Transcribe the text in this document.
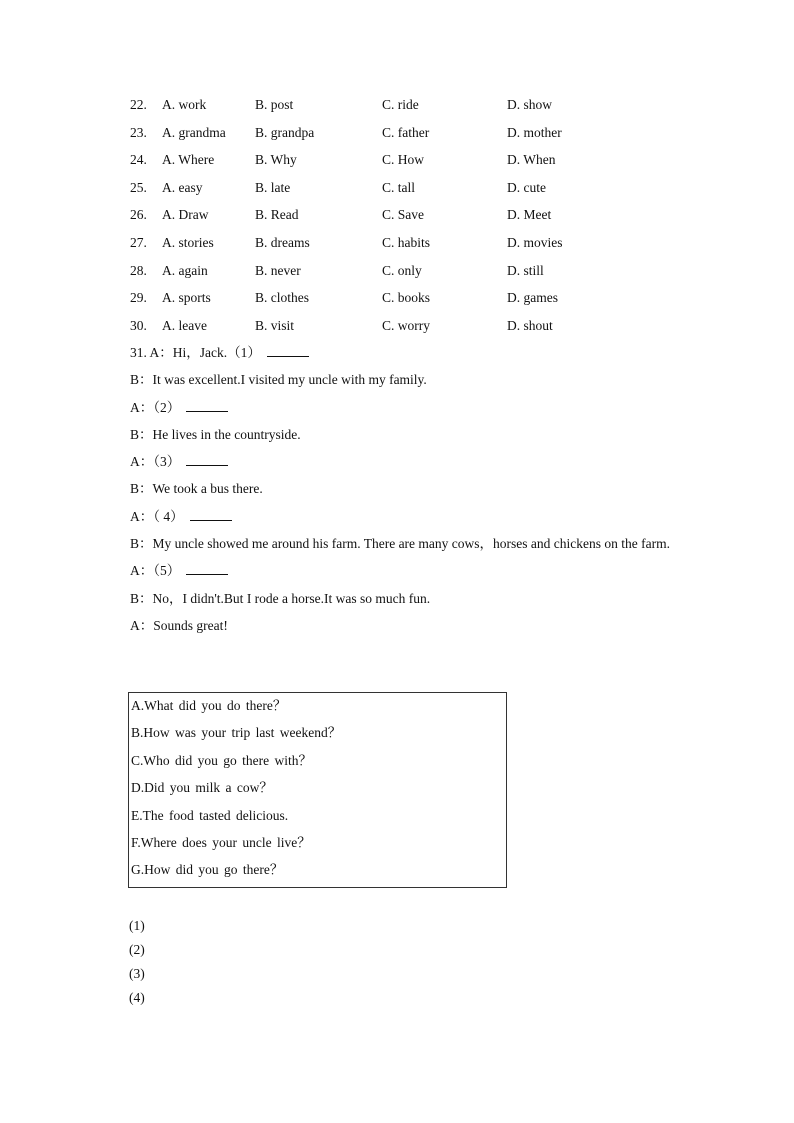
22. A. work	B. post	C. ride	D. show
23. A. grandma B. grandpa	C. father	D. mother
24. A. Where	B. Why	C. How	D. When
25. A. easy	B. late	C. tall	D. cute
26. A. Draw	B. Read	C. Save	D. Meet
27. A. stories	B. dreams	C. habits	D. movies
28. A. again	B. never	C. only	D. still
29. A. sports	B. clothes	C. books	D. games
30. A. leave	B. visit	C. worry	D. shout
31. A：Hi，Jack.（1）
B：It was excellent.I visited my uncle with my family.
A：（2）
B：He lives in the countryside.
A：（3）
B：We took a bus there.
A：（ 4）
B：My uncle showed me around his farm. There are many cows，horses and chickens on the farm.
A：（5）
B：No，I didn't.But I rode a horse.It was so much fun.
A：Sounds great!
A.What did you do there？
B.How was your trip last weekend？
C.Who did you go there with？
D.Did you milk a cow？
E.The food tasted delicious.
F.Where does your uncle live？
G.How did you go there？
(1)
(2)
(3)
(4)
